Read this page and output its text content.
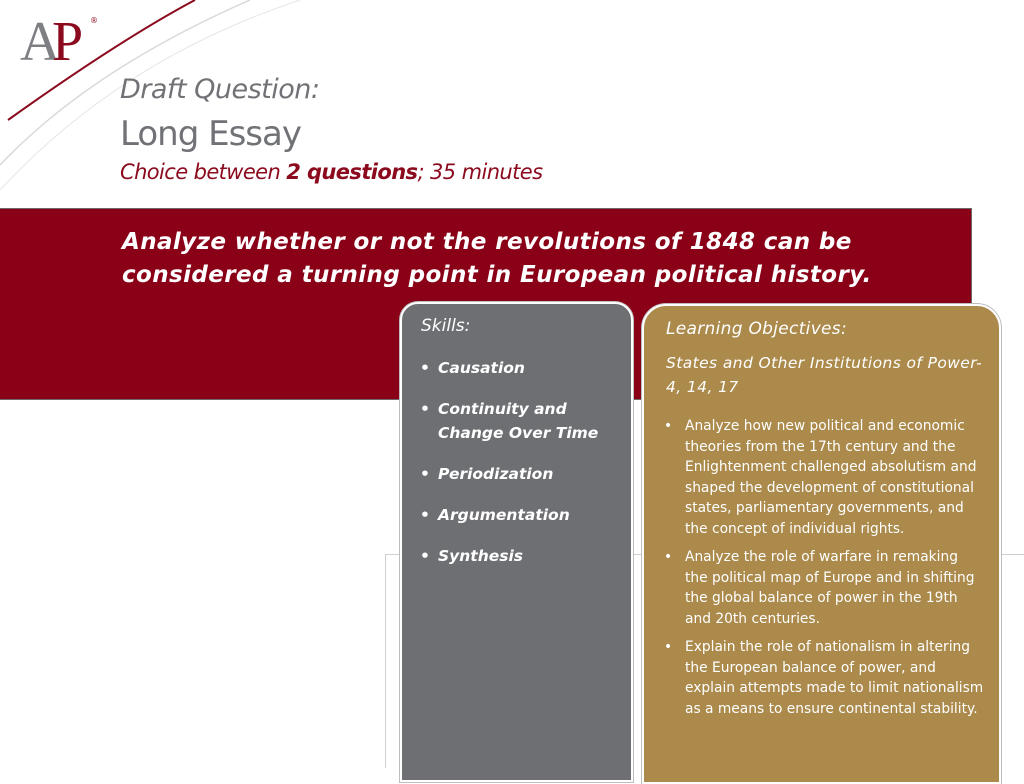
A
P ®
Draft Question:
Long Essay

Choice between 2 questions; 35 minutes

Analyze whether or not the revolutions of 1848 can be considered a turning point in European political history.

Skills:
• Causation
• Continuity and Change Over Time
• Periodization
• Argumentation
• Synthesis
Learning Objectives:

States and Other Institutions of Power-4, 14, 17

• Analyze how new political and economic theories from the 17th century and the Enlightenment challenged absolutism and shaped the development of constitutional states, parliamentary governments, and the concept of individual rights.
• Analyze the role of warfare in remaking the political map of Europe and in shifting the global balance of power in the 19th and 20th centuries.
• Explain the role of nationalism in altering the European balance of power, and explain attempts made to limit nationalism as a means to ensure continental stability.
